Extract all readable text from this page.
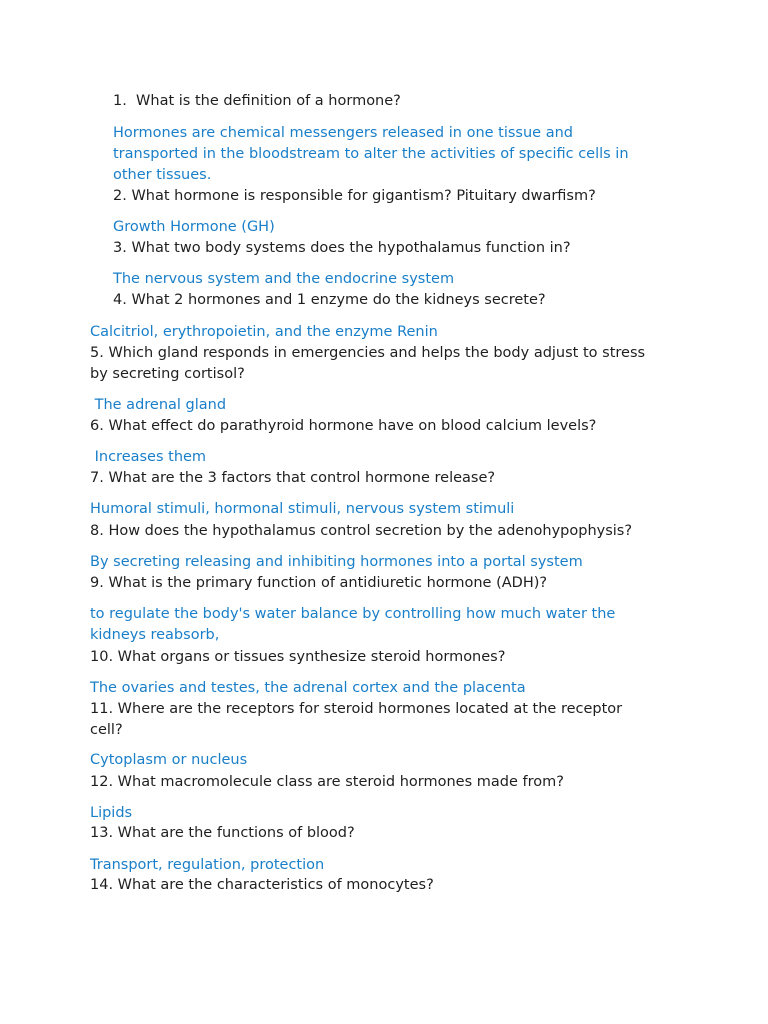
1.  What is the definition of a hormone?
Hormones are chemical messengers released in one tissue and
transported in the bloodstream to alter the activities of specific cells in
other tissues.
2. What hormone is responsible for gigantism? Pituitary dwarfism?
Growth Hormone (GH)
3. What two body systems does the hypothalamus function in?
The nervous system and the endocrine system
4. What 2 hormones and 1 enzyme do the kidneys secrete?
Calcitriol, erythropoietin, and the enzyme Renin
5. Which gland responds in emergencies and helps the body adjust to stress
by secreting cortisol?
The adrenal gland
6. What effect do parathyroid hormone have on blood calcium levels?
Increases them
7. What are the 3 factors that control hormone release?
Humoral stimuli, hormonal stimuli, nervous system stimuli
8. How does the hypothalamus control secretion by the adenohypophysis?
By secreting releasing and inhibiting hormones into a portal system
9. What is the primary function of antidiuretic hormone (ADH)?
to regulate the body's water balance by controlling how much water the
kidneys reabsorb,
10. What organs or tissues synthesize steroid hormones?
The ovaries and testes, the adrenal cortex and the placenta
11. Where are the receptors for steroid hormones located at the receptor
cell?
Cytoplasm or nucleus
12. What macromolecule class are steroid hormones made from?
Lipids
13. What are the functions of blood?
Transport, regulation, protection
14. What are the characteristics of monocytes?
